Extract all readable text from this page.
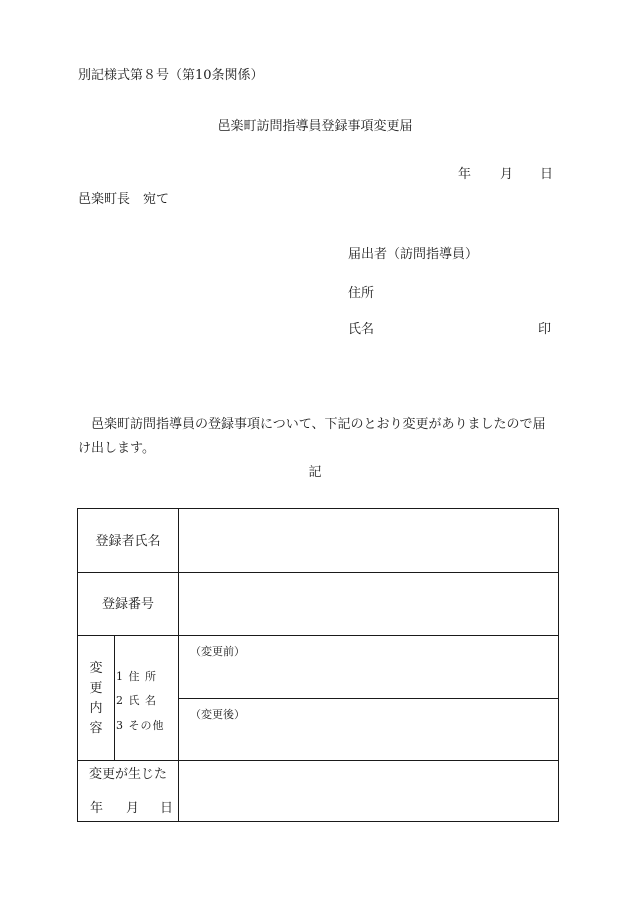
別記様式第８号（第10条関係）
邑楽町訪問指導員登録事項変更届
年 月 日
邑楽町長　宛て
届出者（訪問指導員）
住所
氏名	印
邑楽町訪問指導員の登録事項について、下記のとおり変更がありましたので届け出します。
記
登録者氏名
登録番号
変
更
内
容
1 住 所
2 氏 名
3 その他
（変更前）
（変更後）
変更が生じた
年 月 日
